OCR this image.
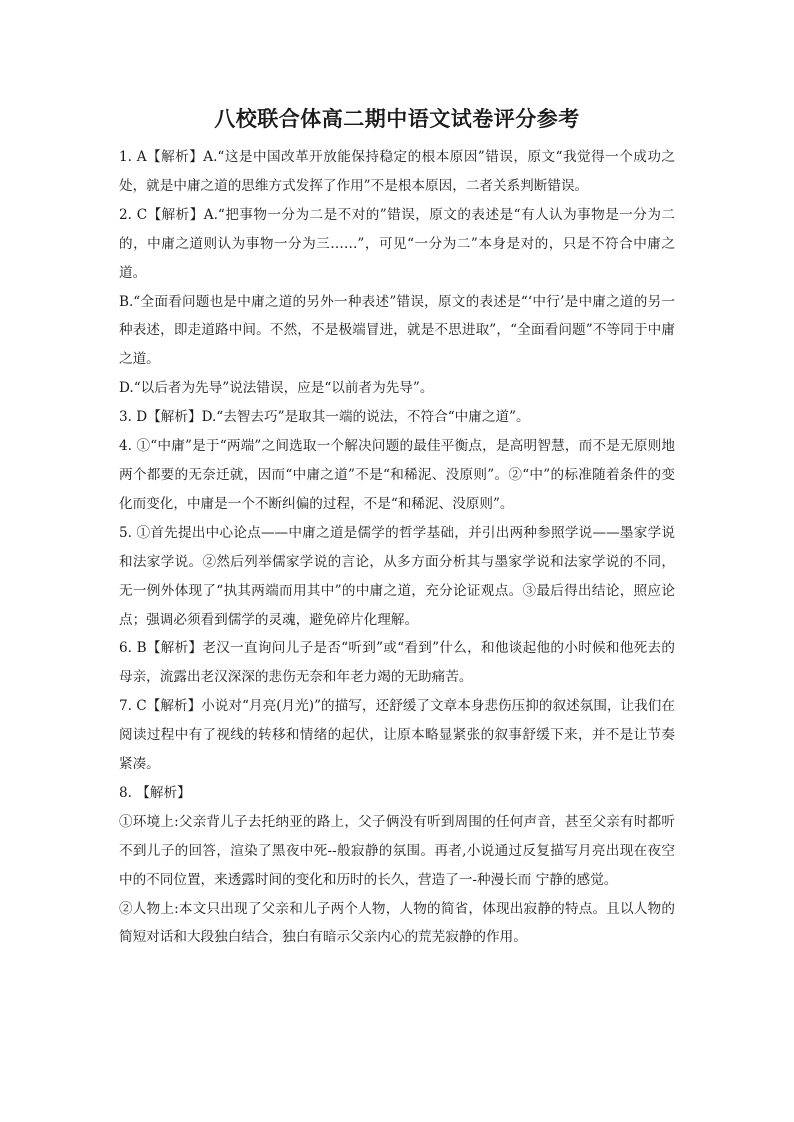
八校联合体高二期中语文试卷评分参考

1. A【解析】A.“这是中国改革开放能保持稳定的根本原因”错误，原文“我觉得一个成功之处，就是中庸之道的思维方式发挥了作用”不是根本原因，二者关系判断错误。

2. C【解析】A.“把事物一分为二是不对的”错误，原文的表述是“有人认为事物是一分为二的，中庸之道则认为事物一分为三……”，可见“一分为二”本身是对的，只是不符合中庸之道。

B.“全面看问题也是中庸之道的另外一种表述”错误，原文的表述是“‘中行’是中庸之道的另一种表述，即走道路中间。不然，不是极端冒进，就是不思进取”，“全面看问题”不等同于中庸之道。

D.“以后者为先导”说法错误，应是“以前者为先导”。

3. D【解析】D.“去智去巧”是取其一端的说法，不符合“中庸之道”。

4. ①“中庸”是于“两端”之间选取一个解决问题的最佳平衡点，是高明智慧，而不是无原则地两个都要的无奈迁就，因而“中庸之道”不是“和稀泥、没原则”。②“中”的标准随着条件的变化而变化，中庸是一个不断纠偏的过程，不是“和稀泥、没原则”。

5. ①首先提出中心论点——中庸之道是儒学的哲学基础，并引出两种参照学说——墨家学说和法家学说。②然后列举儒家学说的言论，从多方面分析其与墨家学说和法家学说的不同，无一例外体现了“执其两端而用其中”的中庸之道，充分论证观点。③最后得出结论，照应论点；强调必须看到儒学的灵魂，避免碎片化理解。

6. B【解析】老汉一直询问儿子是否“听到”或“看到”什么，和他谈起他的小时候和他死去的母亲，流露出老汉深深的悲伤无奈和年老力竭的无助痛苦。

7. C【解析】小说对“月亮(月光)”的描写，还舒缓了文章本身悲伤压抑的叙述氛围，让我们在阅读过程中有了视线的转移和情绪的起伏，让原本略显紧张的叙事舒缓下来，并不是让节奏紧凑。

8. 【解析】

①环境上:父亲背儿子去托纳亚的路上，父子俩没有听到周围的任何声音，甚至父亲有时都听不到儿子的回答，渲染了黑夜中死--般寂静的氛围。再者,小说通过反复描写月亮出现在夜空中的不同位置，来透露时间的变化和历时的长久，营造了一-种漫长而 宁静的感觉。

②人物上:本文只出现了父亲和儿子两个人物，人物的简省，体现出寂静的特点。且以人物的简短对话和大段独白结合，独白有暗示父亲内心的荒芜寂静的作用。
